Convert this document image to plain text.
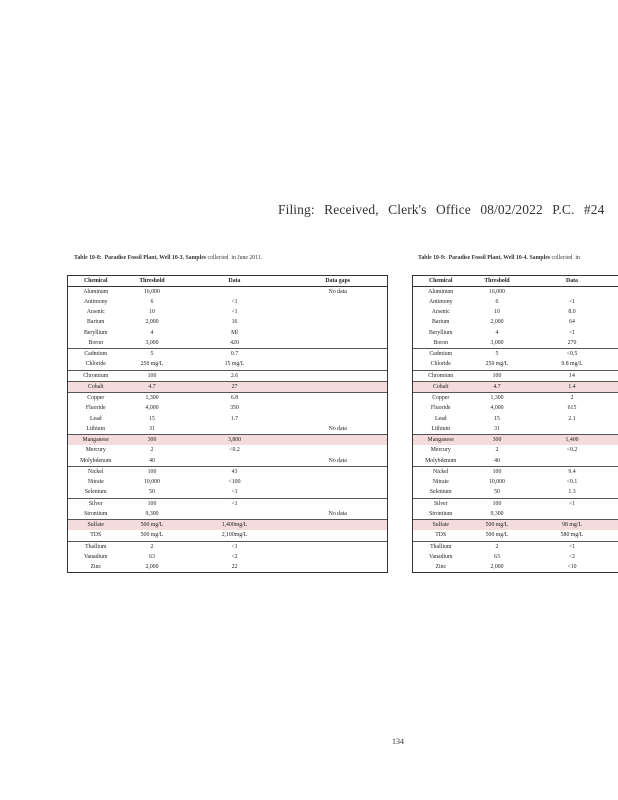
Filing: Received, Clerk's Office 08/02/2022 P.C. #24
Table 10-8: Paradise Fossil Plant, Well 10-3. Samples collected in June 2011.	Table 10-9: Paradise Fossil Plant, Well 10-4. Samples collected in
Chemical	Threshold	Data	Data gaps
Aluminum	16,000		No data
Antimony	6	<1	
Arsenic	10	<1	
Barium	2,000	16	
Beryllium	4	Ml	
Boron	3,000	420	
Cadmium	5	0.7	
Chloride	250 mg/L	15 mg/L	
Chromium	100	2.6	
Cobalt	4.7	27	
Copper	1,300	6.8	
Fluoride	4,000	350	
Lead	15	1.7	
Lithium	31		No data
Manganese	300	3,800	
Mercury	2	<0.2	
Molybdenum	40		No data
Nickel	100	43	
Nitrate	10,000	<100	
Selenium	50	<1	
Silver	100	<1	
Strontium	9,300		No data
Sulfate	500 mg/L	1,400mg/L	
TDS	500 mg/L	2,100mg/L	
Thallium	2	<1	
Vanadium	63	<2	
Zinc	2,000	22	
Chemical	Threshold	Data
Aluminum	16,000	
Antimony	6	<1
Arsenic	10	8.0
Barium	2,000	64
Beryllium	4	<1
Boron	3,000	270
Cadmium	5	<0.5
Chloride	250 mg/L	9.8 mg/L
Chromium	100	14
Cobalt	4.7	1.4
Copper	1,300	2
Fluoride	4,000	615
Lead	15	2.1
Lithium	31	
Manganese	300	1,400
Mercury	2	<0.2
Molybdenum	40	
Nickel	100	9.4
Nitrate	10,000	<0.1
Selenium	50	1.3
Silver	100	<1
Strontium	9,300	
Sulfate	500 mg/L	98 mg/L
TDS	500 mg/L	580 mg/L
Thallium	2	<1
Vanadium	63	<2
Zinc	2,000	<10
134
